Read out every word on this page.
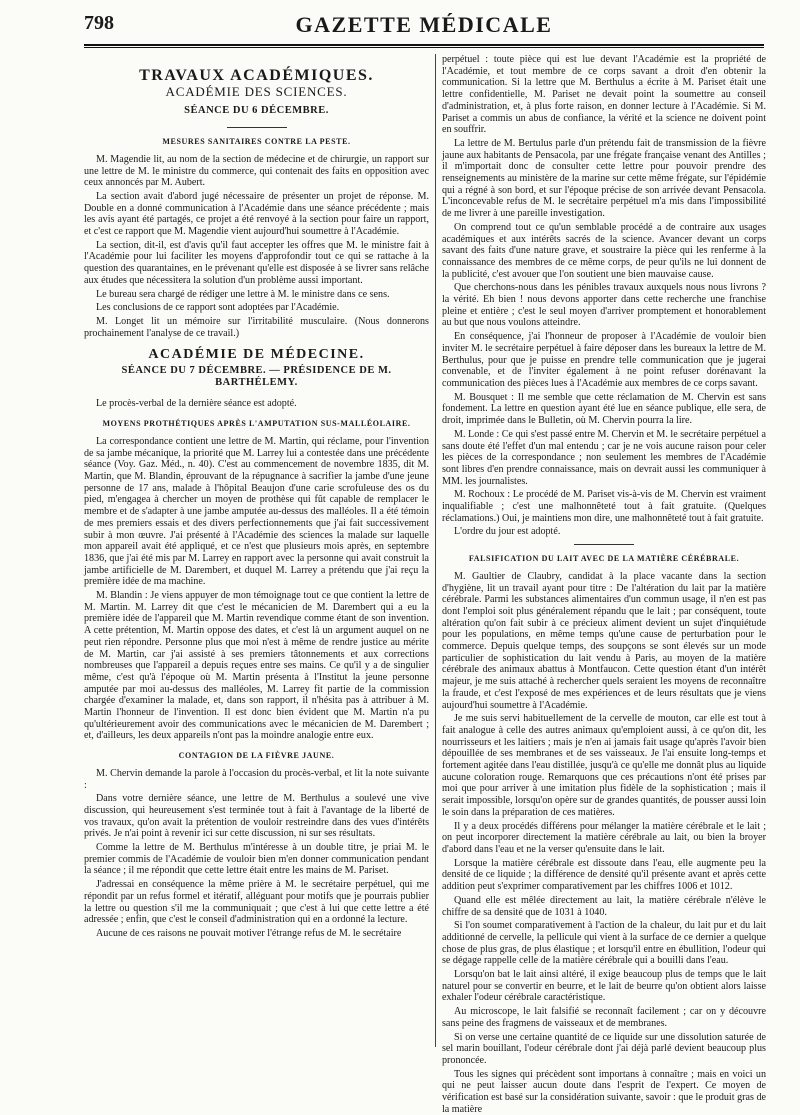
798	GAZETTE MÉDICALE
TRAVAUX ACADÉMIQUES.
ACADÉMIE DES SCIENCES.
SÉANCE DU 6 DÉCEMBRE.
MESURES SANITAIRES CONTRE LA PESTE.

M. Magendie lit, au nom de la section de médecine et de chirurgie, un rapport sur une lettre de M. le ministre du commerce, qui contenait des faits en opposition avec ceux annoncés par M. Aubert.

La section avait d'abord jugé nécessaire de présenter un projet de réponse. M. Double en a donné communication à l'Académie dans une séance précédente ; mais les avis ayant été partagés, ce projet a été renvoyé à la section pour faire un rapport, et c'est ce rapport que M. Magendie vient aujourd'hui soumettre à l'Académie.

La section, dit-il, est d'avis qu'il faut accepter les offres que M. le ministre fait à l'Académie pour lui faciliter les moyens d'approfondir tout ce qui se rattache à la question des quarantaines, en le prévenant qu'elle est disposée à se livrer sans relâche aux études que nécessitera la solution d'un problème aussi important.

Le bureau sera chargé de rédiger une lettre à M. le ministre dans ce sens.

Les conclusions de ce rapport sont adoptées par l'Académie.

M. Longet lit un mémoire sur l'irritabilité musculaire. (Nous donnerons prochainement l'analyse de ce travail.)

ACADÉMIE DE MÉDECINE.
SÉANCE DU 7 DÉCEMBRE. — PRÉSIDENCE DE M. BARTHÉLEMY.

Le procès-verbal de la dernière séance est adopté.

MOYENS PROTHÉTIQUES APRÈS L'AMPUTATION SUS-MALLÉOLAIRE.

La correspondance contient une lettre de M. Martin, qui réclame, pour l'invention de sa jambe mécanique, la priorité que M. Larrey lui a contestée dans une précédente séance (Voy. Gaz. Méd., n. 40). C'est au commencement de novembre 1835, dit M. Martin, que M. Blandin, éprouvant de la répugnance à sacrifier la jambe d'une jeune personne de 17 ans, malade à l'hôpital Beaujon d'une carie scrofuleuse des os du pied, m'engagea à chercher un moyen de prothèse qui fût capable de remplacer le membre et de s'adapter à une jambe amputée au-dessus des malléoles. Il a été témoin de mes premiers essais et des divers perfectionnements que j'ai fait successivement subir à mon œuvre. J'ai présenté à l'Académie des sciences la malade sur laquelle mon appareil avait été appliqué, et ce n'est que plusieurs mois après, en septembre 1836, que j'ai été mis par M. Larrey en rapport avec la personne qui avait construit la jambe artificielle de M. Darembert, et duquel M. Larrey a prétendu que j'ai reçu la première idée de ma machine.

M. Blandin : Je viens appuyer de mon témoignage tout ce que contient la lettre de M. Martin. M. Larrey dit que c'est le mécanicien de M. Darembert qui a eu la première idée de l'appareil que M. Martin revendique comme étant de son invention. A cette prétention, M. Martin oppose des dates, et c'est là un argument auquel on ne peut rien répondre. Personne plus que moi n'est à même de rendre justice au mérite de M. Martin, car j'ai assisté à ses premiers tâtonnements et aux corrections nombreuses que l'appareil a depuis reçues entre ses mains. Ce qu'il y a de singulier même, c'est qu'à l'époque où M. Martin présenta à l'Institut la jeune personne amputée par moi au-dessus des malléoles, M. Larrey fit partie de la commission chargée d'examiner la malade, et, dans son rapport, il n'hésita pas à attribuer à M. Martin l'honneur de l'invention. Il est donc bien évident que M. Martin n'a pu qu'ultérieurement avoir des communications avec le mécanicien de M. Darembert ; et, d'ailleurs, les deux appareils n'ont pas la moindre analogie entre eux.

CONTAGION DE LA FIÈVRE JAUNE.

M. Chervin demande la parole à l'occasion du procès-verbal, et lit la note suivante :

Dans votre dernière séance, une lettre de M. Berthulus a soulevé une vive discussion, qui heureusement s'est terminée tout à fait à l'avantage de la liberté de vos travaux, qu'on avait la prétention de vouloir restreindre dans des vues d'intérêts privés. Je n'ai point à revenir ici sur cette discussion, ni sur ses résultats.

Comme la lettre de M. Berthulus m'intéresse à un double titre, je priai M. le premier commis de l'Académie de vouloir bien m'en donner communication pendant la séance ; il me répondit que cette lettre était entre les mains de M. Pariset.

J'adressai en conséquence la même prière à M. le secrétaire perpétuel, qui me répondit par un refus formel et itératif, alléguant pour motifs que je pourrais publier la lettre ou question s'il me la communiquait ; que c'est à lui que cette lettre a été adressée ; enfin, que c'est le conseil d'administration qui en a ordonné la lecture.

Aucune de ces raisons ne pouvait motiver l'étrange refus de M. le secrétaire

perpétuel : toute pièce qui est lue devant l'Académie est la propriété de l'Académie, et tout membre de ce corps savant a droit d'en obtenir la communication. Si la lettre que M. Berthulus a écrite à M. Pariset était une lettre confidentielle, M. Pariset ne devait point la soumettre au conseil d'administration, et, à plus forte raison, en donner lecture à l'Académie. Si M. Pariset a commis un abus de confiance, la vérité et la science ne doivent point en souffrir.

La lettre de M. Bertulus parle d'un prétendu fait de transmission de la fièvre jaune aux habitants de Pensacola, par une frégate française venant des Antilles ; il m'importait donc de consulter cette lettre pour pouvoir prendre des renseignements au ministère de la marine sur cette même frégate, sur l'épidémie qui a régné à son bord, et sur l'époque précise de son arrivée devant Pensacola. L'inconcevable refus de M. le secrétaire perpétuel m'a mis dans l'impossibilité de me livrer à une pareille investigation.

On comprend tout ce qu'un semblable procédé a de contraire aux usages académiques et aux intérêts sacrés de la science. Avancer devant un corps savant des faits d'une nature grave, et soustraire la pièce qui les renferme à la connaissance des membres de ce même corps, de peur qu'ils ne lui donnent de la publicité, c'est avouer que l'on soutient une bien mauvaise cause.

Que cherchons-nous dans les pénibles travaux auxquels nous nous livrons ? la vérité. Eh bien ! nous devons apporter dans cette recherche une franchise pleine et entière ; c'est le seul moyen d'arriver promptement et honorablement au but que nous voulons atteindre.

En conséquence, j'ai l'honneur de proposer à l'Académie de vouloir bien inviter M. le secrétaire perpétuel à faire déposer dans les bureaux la lettre de M. Berthulus, pour que je puisse en prendre telle communication que je jugerai convenable, et de l'inviter également à ne point refuser dorénavant la communication des pièces lues à l'Académie aux membres de ce corps savant.

M. Bousquet : Il me semble que cette réclamation de M. Chervin est sans fondement. La lettre en question ayant été lue en séance publique, elle sera, de droit, imprimée dans le Bulletin, où M. Chervin pourra la lire.

M. Londe : Ce qui s'est passé entre M. Chervin et M. le secrétaire perpétuel a sans doute été l'effet d'un mal entendu ; car je ne vois aucune raison pour celer les pièces de la correspondance ; non seulement les membres de l'Académie sont libres d'en prendre connaissance, mais on devrait aussi les communiquer à MM. les journalistes.

M. Rochoux : Le procédé de M. Pariset vis-à-vis de M. Chervin est vraiment inqualifiable ; c'est une malhonnêteté tout à fait gratuite. (Quelques réclamations.) Oui, je maintiens mon dire, une malhonnêteté tout à fait gratuite.

L'ordre du jour est adopté.

FALSIFICATION DU LAIT AVEC DE LA MATIÈRE CÉRÉBRALE.

M. Gaultier de Claubry, candidat à la place vacante dans la section d'hygiène, lit un travail ayant pour titre : De l'altération du lait par la matière cérébrale. Parmi les substances alimentaires d'un commun usage, il n'en est pas dont l'emploi soit plus généralement répandu que le lait ; par conséquent, toute altération qu'on fait subir à ce précieux aliment devient un sujet d'inquiétude pour les populations, en même temps qu'une cause de perturbation pour le commerce. Depuis quelque temps, des soupçons se sont élevés sur un mode particulier de sophistication du lait vendu à Paris, au moyen de la matière cérébrale des animaux abattus à Montfaucon. Cette question étant d'un intérêt majeur, je me suis attaché à rechercher quels seraient les moyens de reconnaître la fraude, et c'est l'exposé de mes expériences et de leurs résultats que je viens aujourd'hui soumettre à l'Académie.

Je me suis servi habituellement de la cervelle de mouton, car elle est tout à fait analogue à celle des autres animaux qu'emploient aussi, à ce qu'on dit, les nourrisseurs et les laitiers ; mais je n'en ai jamais fait usage qu'après l'avoir bien dépouillée de ses membranes et de ses vaisseaux. Je l'ai ensuite long-temps et fortement agitée dans l'eau distillée, jusqu'à ce qu'elle me donnât plus au liquide aucune coloration rouge. Remarquons que ces précautions n'ont été prises par moi que pour arriver à une imitation plus fidèle de la sophistication ; mais il serait impossible, lorsqu'on opère sur de grandes quantités, de pousser aussi loin le soin dans la préparation de ces matières.

Il y a deux procédés différens pour mélanger la matière cérébrale et le lait ; on peut incorporer directement la matière cérébrale au lait, ou bien la broyer d'abord dans l'eau et ne la verser qu'ensuite dans le lait.

Lorsque la matière cérébrale est dissoute dans l'eau, elle augmente peu la densité de ce liquide ; la différence de densité qu'il présente avant et après cette addition peut s'exprimer comparativement par les chiffres 1006 et 1012.

Quand elle est mêlée directement au lait, la matière cérébrale n'élève le chiffre de sa densité que de 1031 à 1040.

Si l'on soumet comparativement à l'action de la chaleur, du lait pur et du lait additionné de cervelle, la pellicule qui vient à la surface de ce dernier a quelque chose de plus gras, de plus élastique ; et lorsqu'il entre en ébullition, l'odeur qui se dégage rappelle celle de la matière cérébrale qui a bouilli dans l'eau.

Lorsqu'on bat le lait ainsi altéré, il exige beaucoup plus de temps que le lait naturel pour se convertir en beurre, et le lait de beurre qu'on obtient alors laisse exhaler l'odeur cérébrale caractéristique.

Au microscope, le lait falsifié se reconnaît facilement ; car on y découvre sans peine des fragmens de vaisseaux et de membranes.

Si on verse une certaine quantité de ce liquide sur une dissolution saturée de sel marin bouillant, l'odeur cérébrale dont j'ai déjà parlé devient beaucoup plus prononcée.

Tous les signes qui précèdent sont importans à connaître ; mais en voici un qui ne peut laisser aucun doute dans l'esprit de l'expert. Ce moyen de vérification est basé sur la considération suivante, savoir : que le produit gras de la matière
